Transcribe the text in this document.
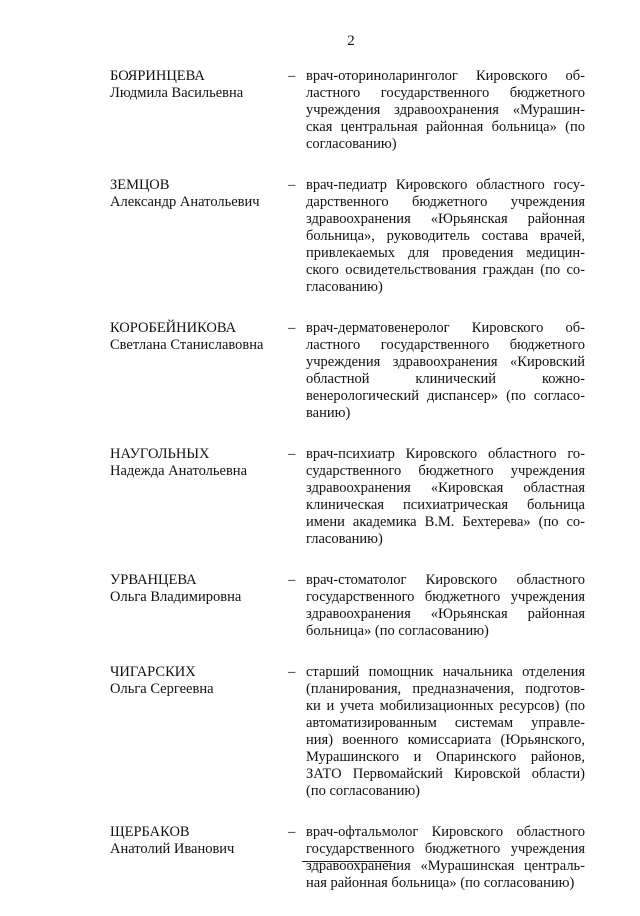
2
БОЯРИНЦЕВА
Людмила Васильевна
– врач-оториноларинголог Кировского об-
ластного государственного бюджетного
учреждения здравоохранения «Мурашин-
ская центральная районная больница» (по
согласованию)
ЗЕМЦОВ
Александр Анатольевич
– врач-педиатр Кировского областного госу-
дарственного бюджетного учреждения
здравоохранения «Юрьянская районная
больница», руководитель состава врачей,
привлекаемых для проведения медицин-
ского освидетельствования граждан (по со-
гласованию)
КОРОБЕЙНИКОВА
Светлана Станиславовна
– врач-дерматовенеролог Кировского об-
ластного государственного бюджетного
учреждения здравоохранения «Кировский
областной клинический кожно-
венерологический диспансер» (по согласо-
ванию)
НАУГОЛЬНЫХ
Надежда Анатольевна
– врач-психиатр Кировского областного го-
сударственного бюджетного учреждения
здравоохранения «Кировская областная
клиническая психиатрическая больница
имени академика В.М. Бехтерева» (по со-
гласованию)
УРВАНЦЕВА
Ольга Владимировна
– врач-стоматолог Кировского областного
государственного бюджетного учреждения
здравоохранения «Юрьянская районная
больница» (по согласованию)
ЧИГАРСКИХ
Ольга Сергеевна
– старший помощник начальника отделения
(планирования, предназначения, подготов-
ки и учета мобилизационных ресурсов) (по
автоматизированным системам управле-
ния) военного комиссариата (Юрьянского,
Мурашинского и Опаринского районов,
ЗАТО Первомайский Кировской области)
(по согласованию)
ЩЕРБАКОВ
Анатолий Иванович
– врач-офтальмолог Кировского областного
государственного бюджетного учреждения
здравоохранения «Мурашинская централь-
ная районная больница» (по согласованию)
